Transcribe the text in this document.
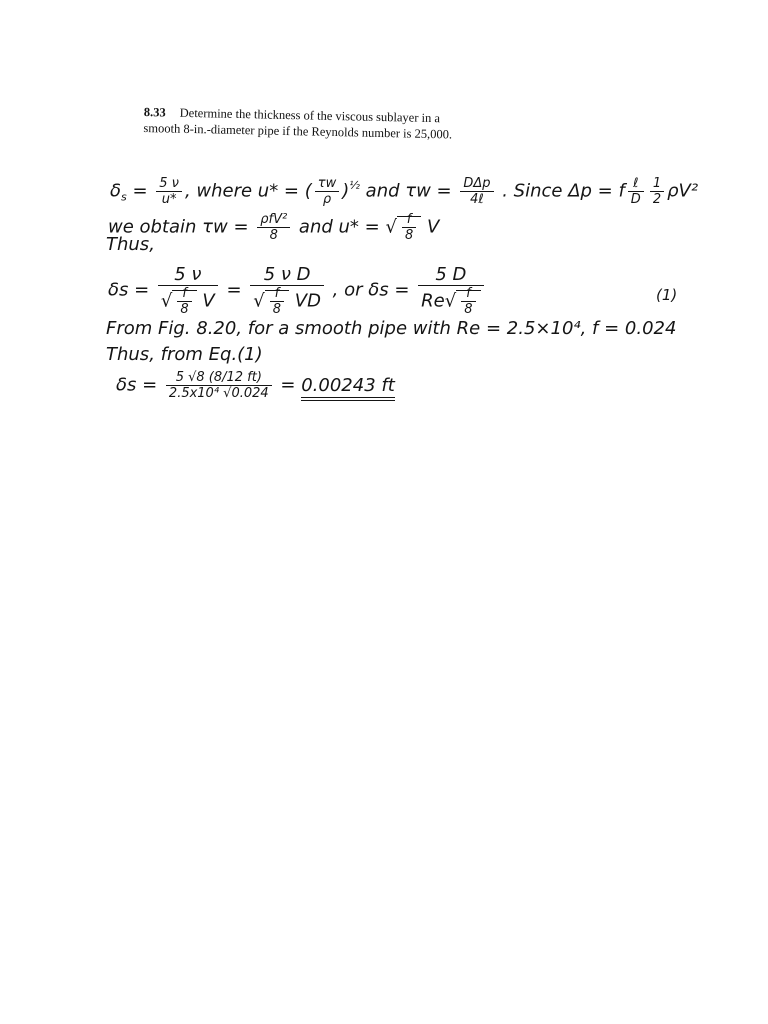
8.33 Determine the thickness of the viscous sublayer in a
smooth 8-in.-diameter pipe if the Reynolds number is 25,000.
$\delta_s = \frac{5 \nu}{u*}$ , where u* = ( $\frac{\tau w}{\rho} )^{\frac{1}{2}}$ and $\tau w = \frac{\text{DΔp}}{\text{4ℓ}}$ . Since Δp = f $\frac{\text{ℓ}}{D} \frac{1}{2} \rho V^2$
we obtain $\tau w = \frac{\text{ρfV²}}{8}$ and u* = √ $\frac{f}{8}$ V
Thus,
$\delta s = \frac{5 \nu}{√ \frac{f}{8} V} = \frac{\text{5 ν D}}{√ \frac{f}{8} VD}$ , or $\delta s = \frac{5 D}{Re√ \frac{f}{8}}$	(1)
From Fig. 8.20, for a smooth pipe with Re = 2.5×10⁴, f = 0.024
Thus, from Eq.(1)
$\delta s = \frac{5 √8 (8/12 ft)}{\text{2.5x10⁴ √0.024}} = 0.00243$ ft
